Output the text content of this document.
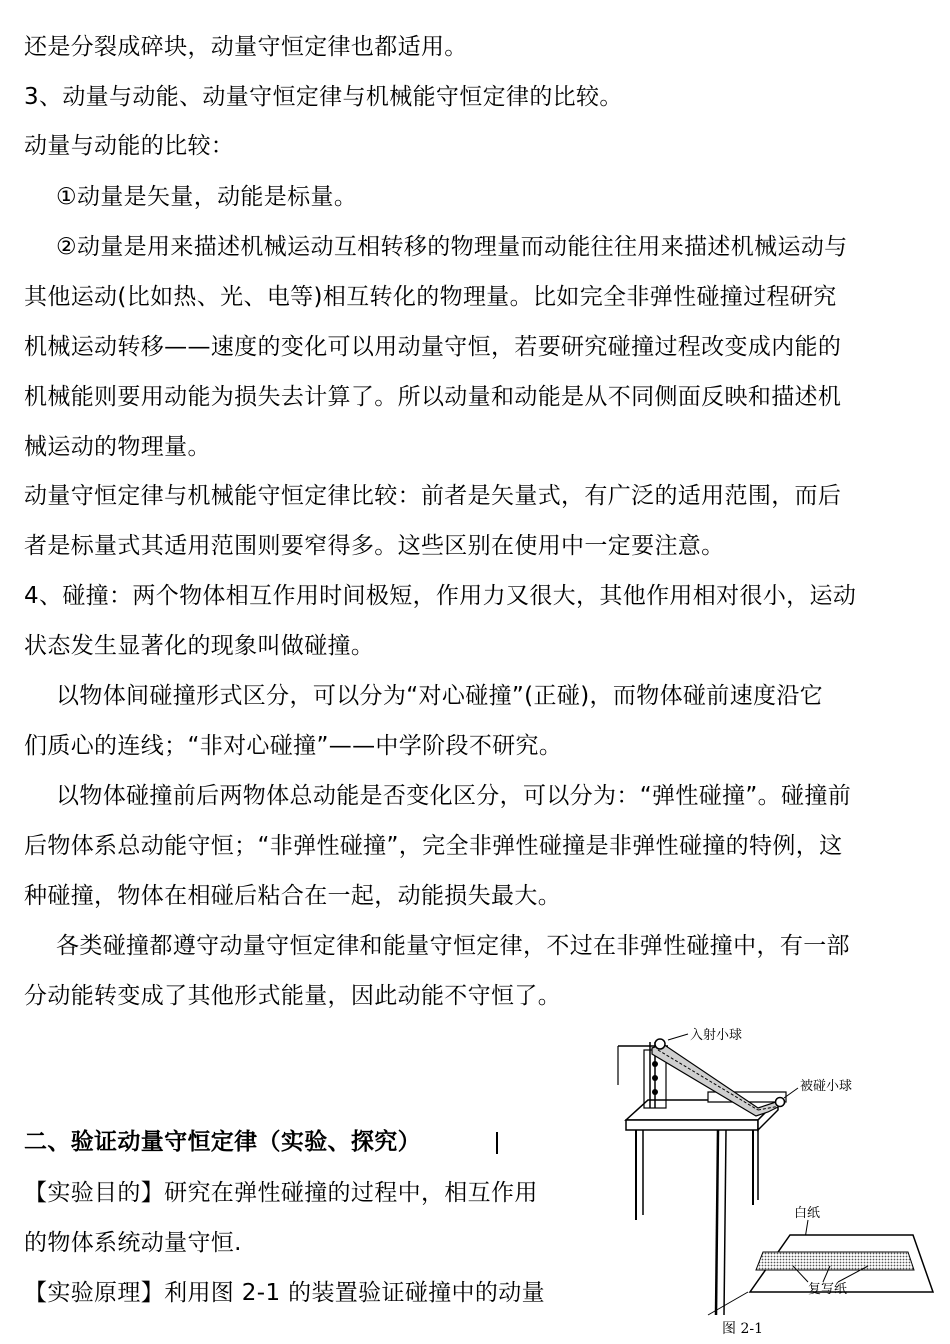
还是分裂成碎块，动量守恒定律也都适用。
3、动量与动能、动量守恒定律与机械能守恒定律的比较。
动量与动能的比较：
①动量是矢量，动能是标量。
②动量是用来描述机械运动互相转移的物理量而动能往往用来描述机械运动与
其他运动(比如热、光、电等)相互转化的物理量。比如完全非弹性碰撞过程研究
机械运动转移——速度的变化可以用动量守恒，若要研究碰撞过程改变成内能的
机械能则要用动能为损失去计算了。所以动量和动能是从不同侧面反映和描述机
械运动的物理量。
动量守恒定律与机械能守恒定律比较：前者是矢量式，有广泛的适用范围，而后
者是标量式其适用范围则要窄得多。这些区别在使用中一定要注意。
4、碰撞：两个物体相互作用时间极短，作用力又很大，其他作用相对很小，运动
状态发生显著化的现象叫做碰撞。
以物体间碰撞形式区分，可以分为“对心碰撞”(正碰)，而物体碰前速度沿它
们质心的连线；“非对心碰撞”——中学阶段不研究。
以物体碰撞前后两物体总动能是否变化区分，可以分为：“弹性碰撞”。碰撞前
后物体系总动能守恒；“非弹性碰撞”，完全非弹性碰撞是非弹性碰撞的特例，这
种碰撞，物体在相碰后粘合在一起，动能损失最大。
各类碰撞都遵守动量守恒定律和能量守恒定律，不过在非弹性碰撞中，有一部
分动能转变成了其他形式能量，因此动能不守恒了。
二、验证动量守恒定律（实验、探究）
【实验目的】研究在弹性碰撞的过程中，相互作用
的物体系统动量守恒.
【实验原理】利用图 2-1 的装置验证碰撞中的动量
入射小球
被碰小球
白纸
复写纸
图 2-1
